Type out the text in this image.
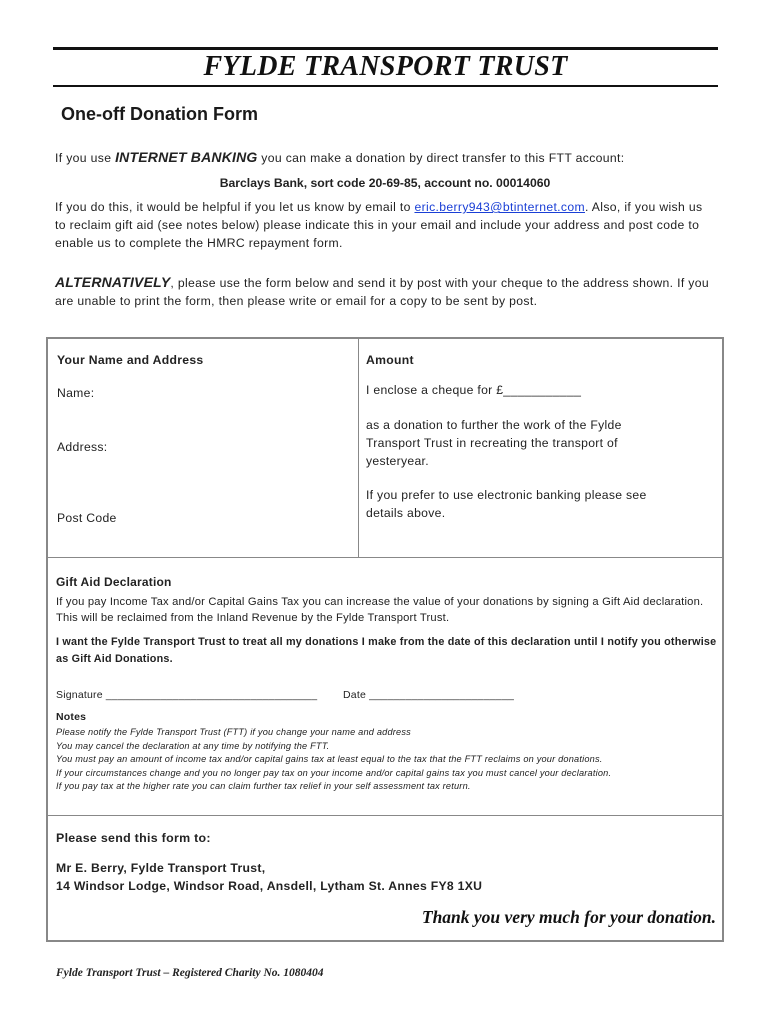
FYLDE TRANSPORT TRUST
One-off Donation Form
If you use INTERNET BANKING you can make a donation by direct transfer to this FTT account:
Barclays Bank, sort code 20-69-85, account no. 00014060
If you do this, it would be helpful if you let us know by email to eric.berry943@btinternet.com. Also, if you wish us to reclaim gift aid (see notes below) please indicate this in your email and include your address and post code to enable us to complete the HMRC repayment form.
ALTERNATIVELY, please use the form below and send it by post with your cheque to the address shown. If you are unable to print the form, then please write or email for a copy to be sent by post.
Your Name and Address
Name:
Address:
Post Code
Amount
I enclose a cheque for £___________
as a donation to further the work of the Fylde Transport Trust in recreating the transport of yesteryear.
If you prefer to use electronic banking please see details above.
Gift Aid Declaration
If you pay Income Tax and/or Capital Gains Tax you can increase the value of your donations by signing a Gift Aid declaration. This will be reclaimed from the Inland Revenue by the Fylde Transport Trust.
I want the Fylde Transport Trust to treat all my donations I make from the date of this declaration until I notify you otherwise as Gift Aid Donations.
Signature ___________________________________ Date ________________________
Notes
Please notify the Fylde Transport Trust (FTT) if you change your name and address
You may cancel the declaration at any time by notifying the FTT.
You must pay an amount of income tax and/or capital gains tax at least equal to the tax that the FTT reclaims on your donations.
If your circumstances change and you no longer pay tax on your income and/or capital gains tax you must cancel your declaration.
If you pay tax at the higher rate you can claim further tax relief in your self assessment tax return.
Please send this form to:
Mr E. Berry, Fylde Transport Trust,
14 Windsor Lodge, Windsor Road, Ansdell, Lytham St. Annes FY8 1XU
Thank you very much for your donation.
Fylde Transport Trust – Registered Charity No. 1080404
